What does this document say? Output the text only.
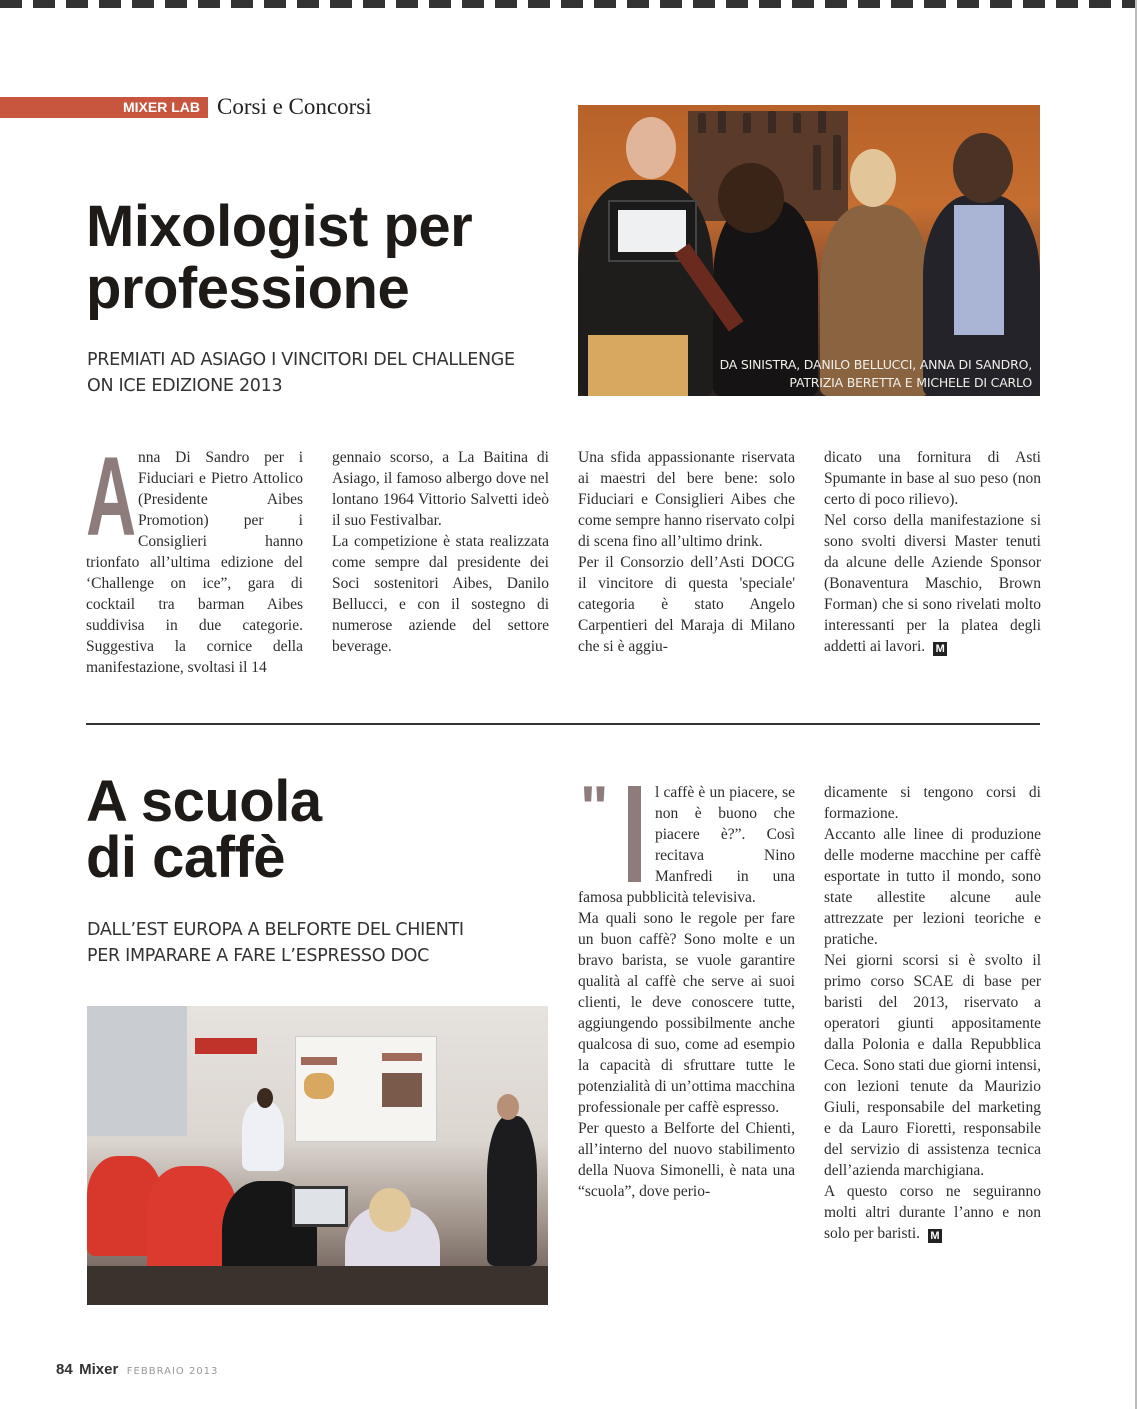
MIXER LAB Corsi e Concorsi
Mixologist per
professione
PREMIATI AD ASIAGO I VINCITORI DEL CHALLENGE
ON ICE EDIZIONE 2013
DA SINISTRA, DANILO BELLUCCI, ANNA DI SANDRO,
PATRIZIA BERETTA E MICHELE DI CARLO
A nna Di Sandro per i Fiduciari e Pietro Attolico (Presidente Aibes Promotion) per i Consiglieri hanno trionfato all’ultima edizione del ‘Challenge on ice”, gara di cocktail tra barman Aibes suddivisa in due categorie. Suggestiva la cornice della manifestazione, svoltasi il 14

gennaio scorso, a La Baitina di Asiago, il famoso albergo dove nel lontano 1964 Vittorio Salvetti ideò il suo Festivalbar.

La competizione è stata realizzata come sempre dal presidente dei Soci sostenitori Aibes, Danilo Bellucci, e con il sostegno di numerose aziende del settore beverage.

Una sfida appassionante riservata ai maestri del bere bene: solo Fiduciari e Consiglieri Aibes che come sempre hanno riservato colpi di scena fino all’ultimo drink.

Per il Consorzio dell’Asti DOCG il vincitore di questa 'speciale' categoria è stato Angelo Carpentieri del Maraja di Milano che si è aggiu-

dicato una fornitura di Asti Spumante in base al suo peso (non certo di poco rilievo).

Nel corso della manifestazione si sono svolti diversi Master tenuti da alcune delle Aziende Sponsor (Bonaventura Maschio, Brown Forman) che si sono rivelati molto interessanti per la platea degli addetti ai lavori. M

A scuola
di caffè
DALL’EST EUROPA A BELFORTE DEL CHIENTI
PER IMPARARE A FARE L’ESPRESSO DOC
"	l caffè è un piacere, se non è buono che piacere è?”. Così recitava Nino Manfredi in una famosa pubblicità televisiva.

Ma quali sono le regole per fare un buon caffè? Sono molte e un bravo barista, se vuole garantire qualità al caffè che serve ai suoi clienti, le deve conoscere tutte, aggiungendo possibilmente anche qualcosa di suo, come ad esempio la capacità di sfruttare tutte le potenzialità di un’ottima macchina professionale per caffè espresso.

Per questo a Belforte del Chienti, all’interno del nuovo stabilimento della Nuova Simonelli, è nata una “scuola”, dove perio-

dicamente si tengono corsi di formazione.

Accanto alle linee di produzione delle moderne macchine per caffè esportate in tutto il mondo, sono state allestite alcune aule attrezzate per lezioni teoriche e pratiche.

Nei giorni scorsi si è svolto il primo corso SCAE di base per baristi del 2013, riservato a operatori giunti appositamente dalla Polonia e dalla Repubblica Ceca. Sono stati due giorni intensi, con lezioni tenute da Maurizio Giuli, responsabile del marketing e da Lauro Fioretti, responsabile del servizio di assistenza tecnica dell’azienda marchigiana.

A questo corso ne seguiranno molti altri durante l’anno e non solo per baristi. M

84 Mixer FEBBRAIO 2013
